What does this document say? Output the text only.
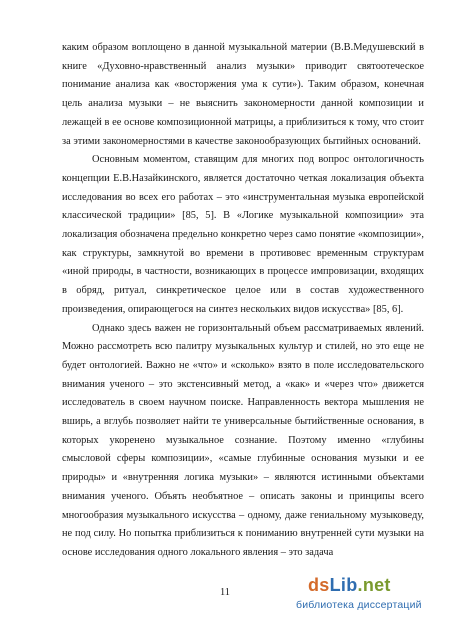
каким образом воплощено в данной музыкальной материи (В.В.Медушевский в книге «Духовно-нравственный анализ музыки» приводит святоотеческое понимание анализа как «восторжения ума к сути»). Таким образом, конечная цель анализа музыки – не выяснить закономерности данной композиции и лежащей в ее основе композиционной матрицы, а приблизиться к тому, что стоит за этими закономерностями в качестве законообразующих бытийных оснований.

Основным моментом, ставящим для многих под вопрос онтологичность концепции Е.В.Назайкинского, является достаточно четкая локализация объекта исследования во всех его работах – это «инструментальная музыка европейской классической традиции» [85, 5]. В «Логике музыкальной композиции» эта локализация обозначена предельно конкретно через само понятие «композиции», как структуры, замкнутой во времени в противовес временным структурам «иной природы, в частности, возникающих в процессе импровизации, входящих в обряд, ритуал, синкретическое целое или в состав художественного произведения, опирающегося на синтез нескольких видов искусства» [85, 6].

Однако здесь важен не горизонтальный объем рассматриваемых явлений. Можно рассмотреть всю палитру музыкальных культур и стилей, но это еще не будет онтологией. Важно не «что» и «сколько» взято в поле исследовательского внимания ученого – это экстенсивный метод, а «как» и «через что» движется исследователь в своем научном поиске. Направленность вектора мышления не вширь, а вглубь позволяет найти те универсальные бытийственные основания, в которых укоренено музыкальное сознание. Поэтому именно «глубины смысловой сферы композиции», «самые глубинные основания музыки и ее природы» и «внутренняя логика музыки» – являются истинными объектами внимания ученого. Объять необъятное – описать законы и принципы всего многообразия музыкального искусства – одному, даже гениальному музыковеду, не под силу. Но попытка приблизиться к пониманию внутренней сути музыки на основе исследования одного локального явления – это задача

11	dsLib.net
библиотека диссертаций
